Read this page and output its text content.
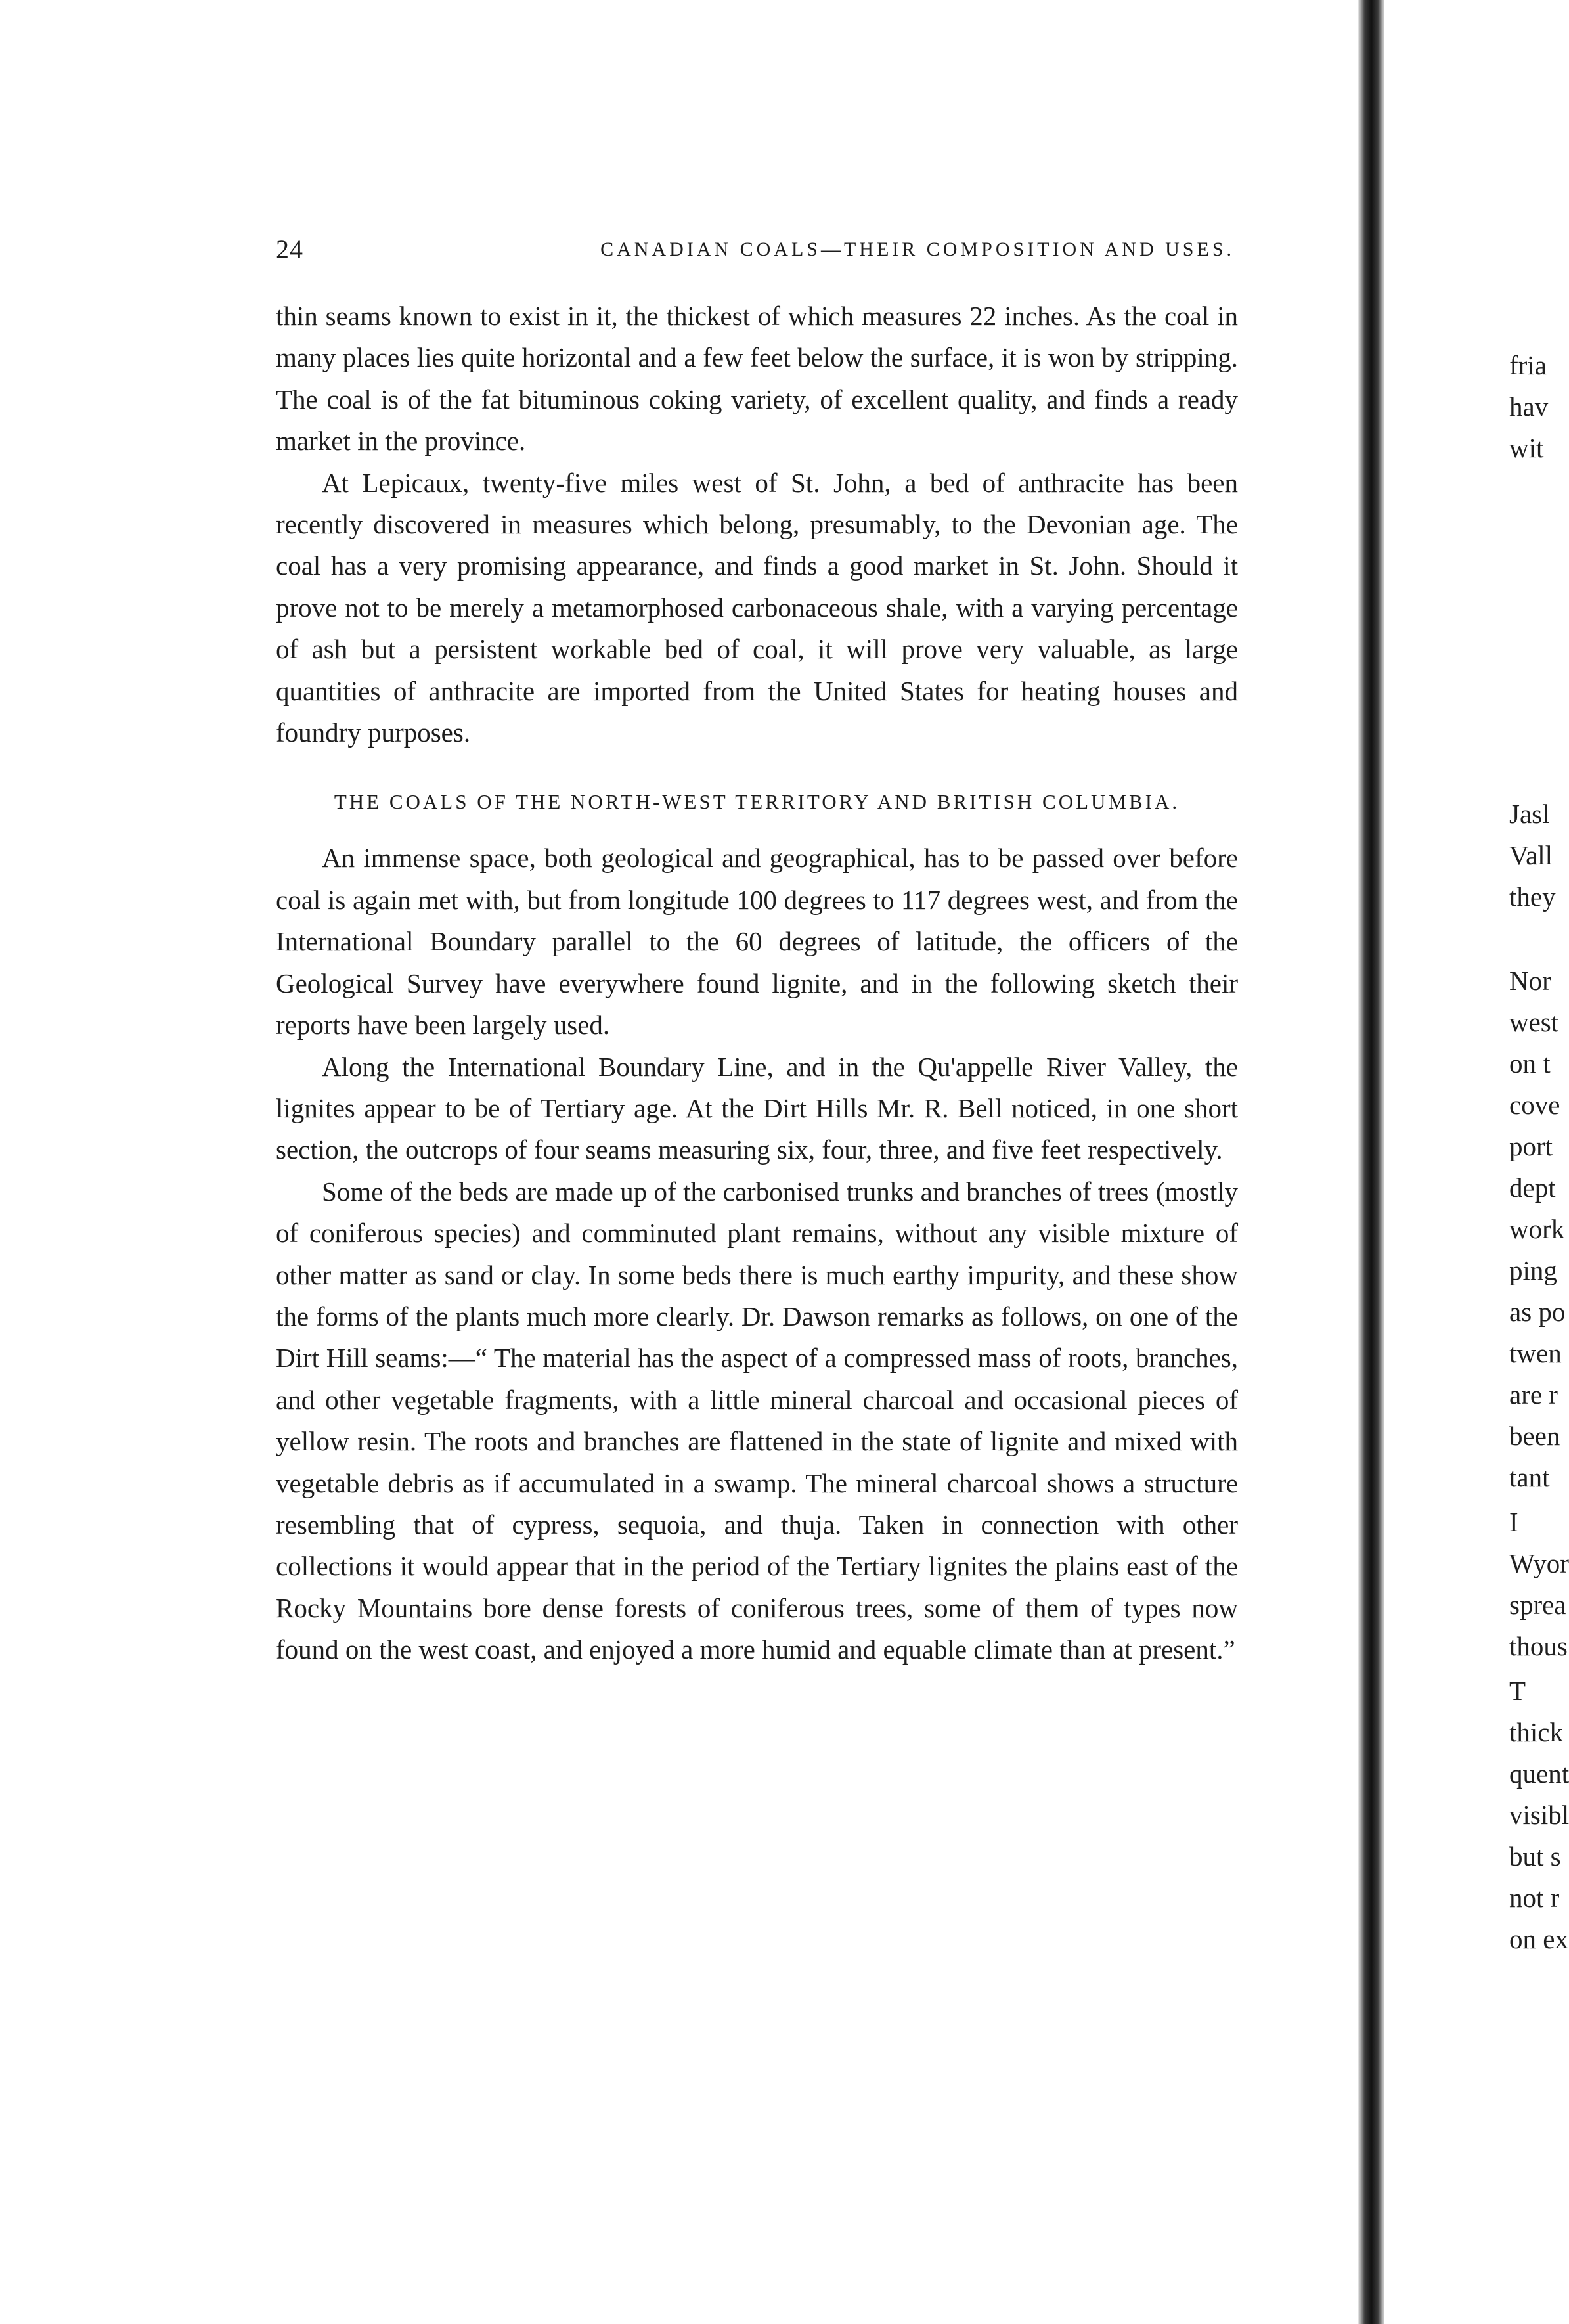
24	CANADIAN COALS—THEIR COMPOSITION AND USES.

thin seams known to exist in it, the thickest of which measures 22 inches. As the coal in many places lies quite horizontal and a few feet below the surface, it is won by stripping. The coal is of the fat bituminous coking variety, of excellent quality, and finds a ready market in the province.

At Lepicaux, twenty-five miles west of St. John, a bed of anthracite has been recently discovered in measures which belong, presumably, to the Devonian age. The coal has a very promising appearance, and finds a good market in St. John. Should it prove not to be merely a metamorphosed carbonaceous shale, with a varying percentage of ash but a persistent workable bed of coal, it will prove very valuable, as large quantities of anthracite are imported from the United States for heating houses and foundry purposes.

THE COALS OF THE NORTH-WEST TERRITORY AND BRITISH COLUMBIA.

An immense space, both geological and geographical, has to be passed over before coal is again met with, but from longitude 100 degrees to 117 degrees west, and from the International Boundary parallel to the 60 degrees of latitude, the officers of the Geological Survey have everywhere found lignite, and in the following sketch their reports have been largely used.

Along the International Boundary Line, and in the Qu'appelle River Valley, the lignites appear to be of Tertiary age. At the Dirt Hills Mr. R. Bell noticed, in one short section, the outcrops of four seams measuring six, four, three, and five feet respectively.

Some of the beds are made up of the carbonised trunks and branches of trees (mostly of coniferous species) and comminuted plant remains, without any visible mixture of other matter as sand or clay. In some beds there is much earthy impurity, and these show the forms of the plants much more clearly. Dr. Dawson remarks as follows, on one of the Dirt Hill seams:—“ The material has the aspect of a compressed mass of roots, branches, and other vegetable fragments, with a little mineral charcoal and occasional pieces of yellow resin. The roots and branches are flattened in the state of lignite and mixed with vegetable debris as if accumulated in a swamp. The mineral charcoal shows a structure resembling that of cypress, sequoia, and thuja. Taken in connection with other collections it would appear that in the period of the Tertiary lignites the plains east of the Rocky Mountains bore dense forests of coniferous trees, some of them of types now found on the west coast, and enjoyed a more humid and equable climate than at present.”

fria
hav
wit
Jasl
Vall
they
Nor
west
on t
cove
port
dept
work
ping
as po
twen
are r
been
tant
I
Wyor
sprea
thous
T
thick
quent
visibl
but s
not r
on ex
